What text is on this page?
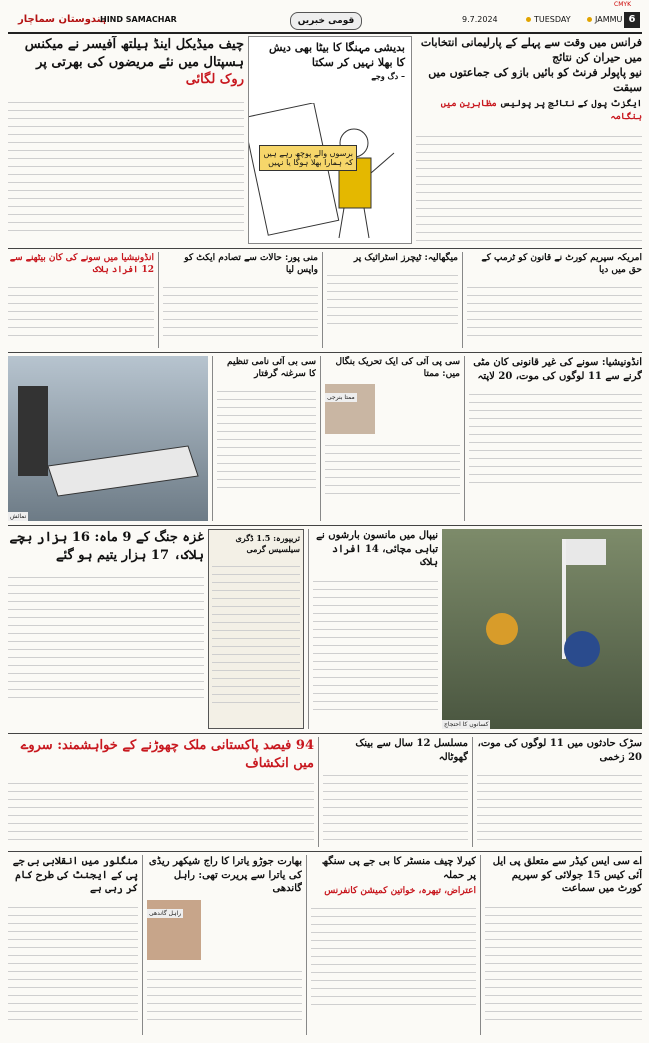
ہندوستان سماچار
HIND SAMACHAR	قومی خبریں	9.7.2024	TUESDAY	JAMMU 6
CMYK
چیف میڈیکل اینڈ ہیلتھ آفیسر نے میکنس
ہسپتال میں نئے مریضوں کی بھرتی پر روک لگائی
بدیشی مہنگا کا بیٹا بھی دیش
کا بھلا نہیں کر سکتا
– دگ وجے
برسوں والے پوچھ رہے ہیں کہ ہمارا بھلا ہوگا یا نہیں
فرانس میں وقت سے پہلے کے پارلیمانی انتخابات میں حیران کن نتائج
نیو پاپولر فرنٹ کو بائیں بازو کی جماعتوں میں سبقت
ایگزٹ پول کے نتائج پر پولیس مظاہرین میں ہنگامہ
انڈونیشیا میں سونے کی کان بیٹھنے سے 12 افراد ہلاک
منی پور: حالات سے تصادم ایکٹ کو واپس لیا
میگھالیہ: ٹیچرز اسٹرائیک پر	امریکہ سپریم کورٹ نے قانون کو ٹرمپ کے حق میں دیا
نمائش
سی بی آئی نامی تنظیم کا سرغنہ گرفتار
سی پی آئی کی ایک تحریک بنگال میں: ممتا
ممتا بنرجی
انڈونیشیا: سونے کی غیر قانونی کان مٹی گرنے سے 11 لوگوں کی موت، 20 لاپتہ
غزہ جنگ کے 9 ماہ: 16 ہزار بچے ہلاک، 17 ہزار یتیم ہو گئے
تریپورہ: 1.5 ڈگری سیلسیس گرمی
نیپال میں مانسون بارشوں نے تباہی مچائی، 14 افراد ہلاک
کسانوں کا احتجاج
94 فیصد پاکستانی ملک چھوڑنے کے خواہشمند: سروے میں انکشاف
مسلسل 12 سال سے بینک گھوٹالہ
سڑک حادثوں میں 11 لوگوں کی موت، 20 زخمی
منگلور میں انقلابی بی جے پی کے ایجنٹ کی طرح کام کر رہی ہے
بھارت جوڑو یاترا کا راج شیکھر ریڈی کی یاترا سے پریرت تھی: راہل گاندھی
راہل گاندھی
کیرلا چیف منسٹر کا بی جے پی سنگھ پر حملہ
اعتراض، تیھرہ، خواتین کمیشن کانفرنس
اے سی ایس کیڈر سے متعلق پی ایل آئی کیس 15 جولائی کو سپریم کورٹ میں سماعت
